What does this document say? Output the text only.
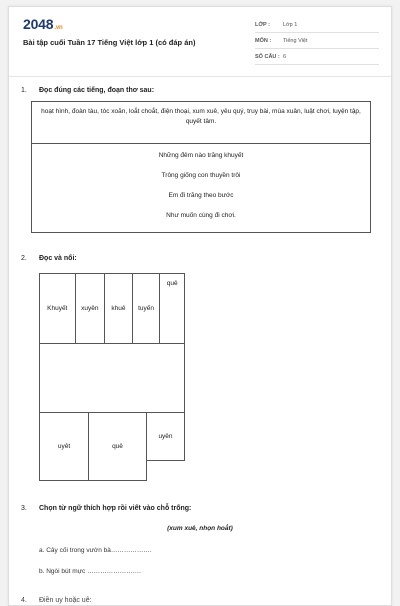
2048.vn
Bài tập cuối Tuần 17 Tiếng Việt lớp 1 (có đáp án)
LỚP :	Lớp 1
MÔN :	Tiếng Việt
SỐ CÂU : 6
1. Đọc đúng các tiếng, đoạn thơ sau:
hoạt hình, đoàn tàu, tóc xoăn, loắt choắt, điện thoại, xum xuê, yêu quý, truy bài, mùa xuân, luật chơi, luyện tập, quyết tâm.
Những đêm nào trăng khuyết
Trông giống con thuyền trôi
Em đi trăng theo bước
Như muốn cùng đi chơi.
2. Đọc và nối:
Khuyết	xuyên	khuê	tuyến
quê
uyêt	quê
uyên
3. Chọn từ ngữ thích hợp rồi viết vào chỗ trống:
(xum xuê, nhọn hoắt)
a. Cây cối trong vườn bà……………….
b. Ngòi bút mực …………………….
4. Điền uy hoặc uê:
